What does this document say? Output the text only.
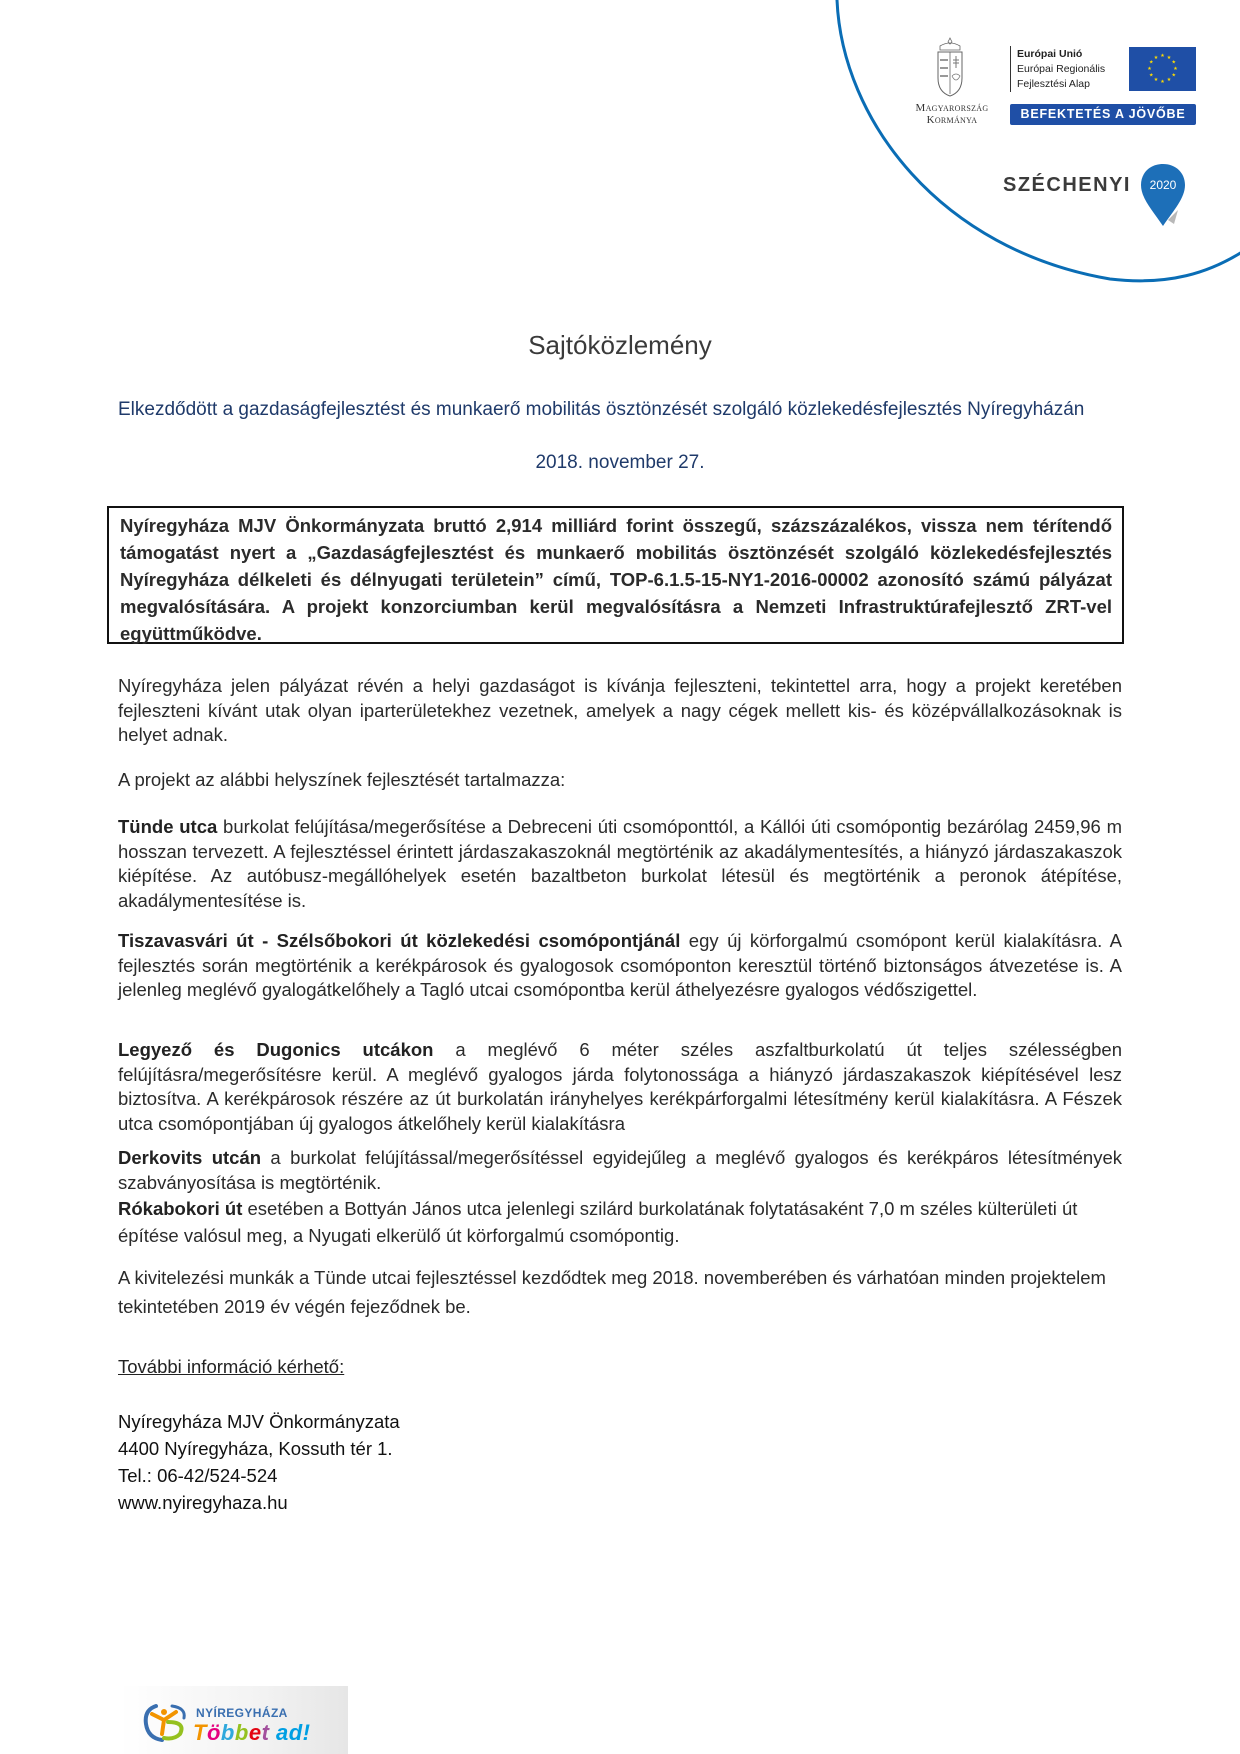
Magyarország
Kormánya
Európai Unió
Európai Regionális
Fejlesztési Alap
★ ★
★
★
★
★
★
★
★
★
★
★
BEFEKTETÉS A JÖVŐBE
SZÉCHENYI 2020
Sajtóközlemény
Elkezdődött a gazdaságfejlesztést és munkaerő mobilitás ösztönzését szolgáló közlekedésfejlesztés Nyíregyházán
2018. november 27.

Nyíregyháza MJV Önkormányzata bruttó 2,914 milliárd forint összegű, százszázalékos, vissza nem térítendő támogatást nyert a „Gazdaságfejlesztést és munkaerő mobilitás ösztönzését szolgáló közlekedésfejlesztés Nyíregyháza délkeleti és délnyugati területein” című, TOP-6.1.5-15-NY1-2016-00002 azonosító számú pályázat megvalósítására. A projekt konzorciumban kerül megvalósításra a Nemzeti Infrastruktúrafejlesztő ZRT-vel együttműködve.

Nyíregyháza jelen pályázat révén a helyi gazdaságot is kívánja fejleszteni, tekintettel arra, hogy a projekt keretében fejleszteni kívánt utak olyan iparterületekhez vezetnek, amelyek a nagy cégek mellett kis- és középvállalkozásoknak is helyet adnak.

A projekt az alábbi helyszínek fejlesztését tartalmazza:

Tünde utca burkolat felújítása/megerősítése a Debreceni úti csomóponttól, a Kállói úti csomópontig bezárólag 2459,96 m hosszan tervezett. A fejlesztéssel érintett járdaszakaszoknál megtörténik az akadálymentesítés, a hiányzó járdaszakaszok kiépítése. Az autóbusz-megállóhelyek esetén bazaltbeton burkolat létesül és megtörténik a peronok átépítése, akadálymentesítése is.

Tiszavasvári út - Szélsőbokori út közlekedési csomópontjánál egy új körforgalmú csomópont kerül kialakításra. A fejlesztés során megtörténik a kerékpárosok és gyalogosok csomóponton keresztül történő biztonságos átvezetése is. A jelenleg meglévő gyalogátkelőhely a Tagló utcai csomópontba kerül áthelyezésre gyalogos védőszigettel.

Legyező és Dugonics utcákon a meglévő 6 méter széles aszfaltburkolatú út teljes szélességben felújításra/megerősítésre kerül. A meglévő gyalogos járda folytonossága a hiányzó járdaszakaszok kiépítésével lesz biztosítva. A kerékpárosok részére az út burkolatán irányhelyes kerékpárforgalmi létesítmény kerül kialakításra. A Fészek utca csomópontjában új gyalogos átkelőhely kerül kialakításra

Derkovits utcán a burkolat felújítással/megerősítéssel egyidejűleg a meglévő gyalogos és kerékpáros létesítmények szabványosítása is megtörténik.

Rókabokori út esetében a Bottyán János utca jelenlegi szilárd burkolatának folytatásaként 7,0 m széles külterületi út építése valósul meg, a Nyugati elkerülő út körforgalmú csomópontig.

A kivitelezési munkák a Tünde utcai fejlesztéssel kezdődtek meg 2018. novemberében és várhatóan minden projektelem tekintetében 2019 év végén fejeződnek be.

További információ kérhető:
Nyíregyháza MJV Önkormányzata
4400 Nyíregyháza, Kossuth tér 1.
Tel.: 06-42/524-524
www.nyiregyhaza.hu
NYÍREGYHÁZA
Többet ad!
